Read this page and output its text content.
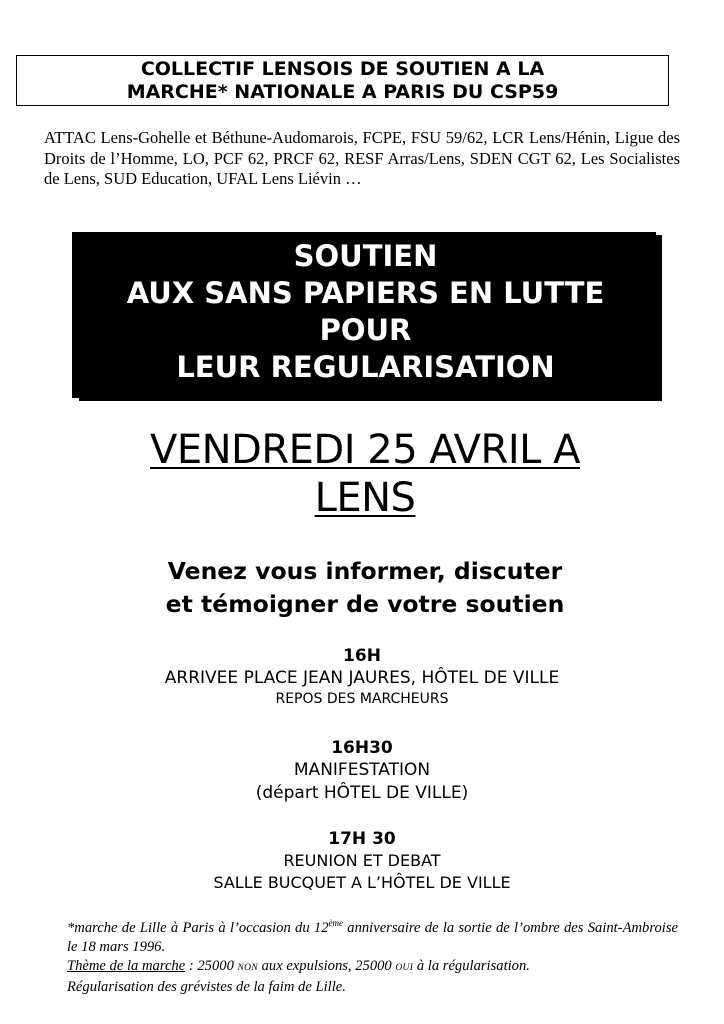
COLLECTIF LENSOIS DE SOUTIEN A LA
MARCHE* NATIONALE A PARIS DU CSP59
ATTAC Lens-Gohelle et Béthune-Audomarois, FCPE, FSU 59/62, LCR Lens/Hénin, Ligue des Droits de l’Homme, LO, PCF 62, PRCF 62, RESF Arras/Lens, SDEN CGT 62, Les Socialistes de Lens, SUD Education, UFAL Lens Liévin …
SOUTIEN
AUX SANS PAPIERS EN LUTTE
POUR
LEUR REGULARISATION
VENDREDI 25 AVRIL A
LENS
Venez vous informer, discuter
et témoigner de votre soutien
16H
ARRIVEE PLACE JEAN JAURES, HÔTEL DE VILLE
REPOS DES MARCHEURS
16H30
MANIFESTATION
(départ HÔTEL DE VILLE)
17H 30
REUNION ET DEBAT
SALLE BUCQUET A L’HÔTEL DE VILLE
*marche de Lille à Paris à l’occasion du 12ème anniversaire de la sortie de l’ombre des Saint-Ambroise le 18 mars 1996.
Thème de la marche : 25000 NON aux expulsions, 25000 OUI à la régularisation.
Régularisation des grévistes de la faim de Lille.
